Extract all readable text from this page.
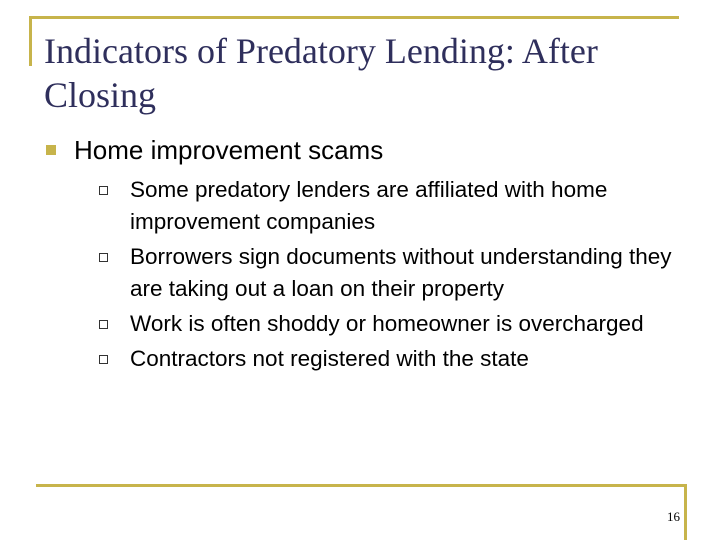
Indicators of Predatory Lending: After Closing
Home improvement scams
Some predatory lenders are affiliated with home improvement companies
Borrowers sign documents without understanding they are taking out a loan on their property
Work is often shoddy or homeowner is overcharged
Contractors not registered with the state
16
